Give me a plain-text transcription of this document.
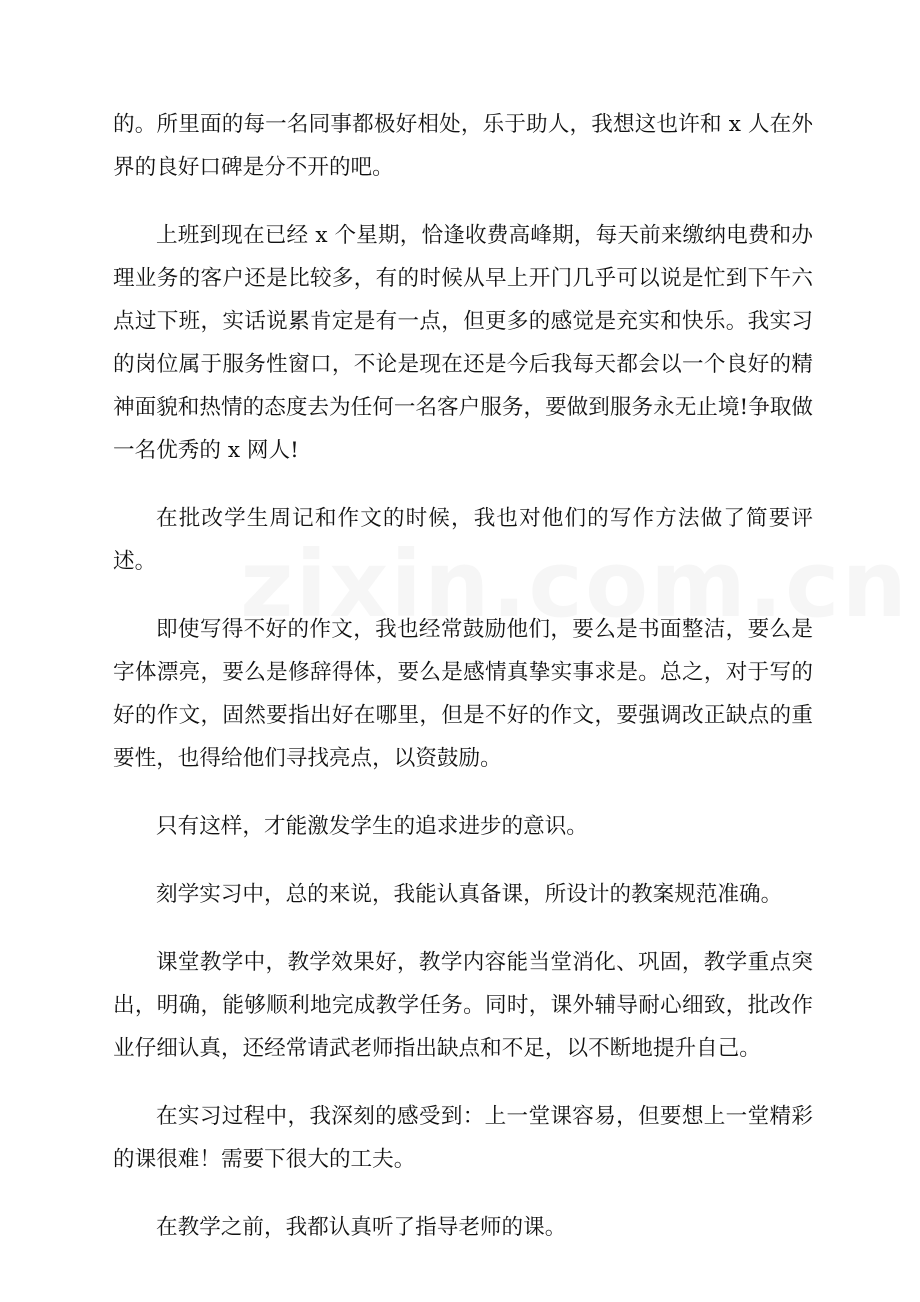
的。所里面的每一名同事都极好相处，乐于助人，我想这也许和 x 人在外界的良好口碑是分不开的吧。

上班到现在已经 x 个星期，恰逢收费高峰期，每天前来缴纳电费和办理业务的客户还是比较多，有的时候从早上开门几乎可以说是忙到下午六点过下班，实话说累肯定是有一点，但更多的感觉是充实和快乐。我实习的岗位属于服务性窗口，不论是现在还是今后我每天都会以一个良好的精神面貌和热情的态度去为任何一名客户服务，要做到服务永无止境!争取做一名优秀的 x 网人!

在批改学生周记和作文的时候，我也对他们的写作方法做了简要评述。

即使写得不好的作文，我也经常鼓励他们，要么是书面整洁，要么是字体漂亮，要么是修辞得体，要么是感情真挚实事求是。总之，对于写的好的作文，固然要指出好在哪里，但是不好的作文，要强调改正缺点的重要性，也得给他们寻找亮点，以资鼓励。

只有这样，才能激发学生的追求进步的意识。

刻学实习中，总的来说，我能认真备课，所设计的教案规范准确。

课堂教学中，教学效果好，教学内容能当堂消化、巩固，教学重点突出，明确，能够顺利地完成教学任务。同时，课外辅导耐心细致，批改作业仔细认真，还经常请武老师指出缺点和不足，以不断地提升自己。

在实习过程中，我深刻的感受到：上一堂课容易，但要想上一堂精彩的课很难！需要下很大的工夫。

在教学之前，我都认真听了指导老师的课。
